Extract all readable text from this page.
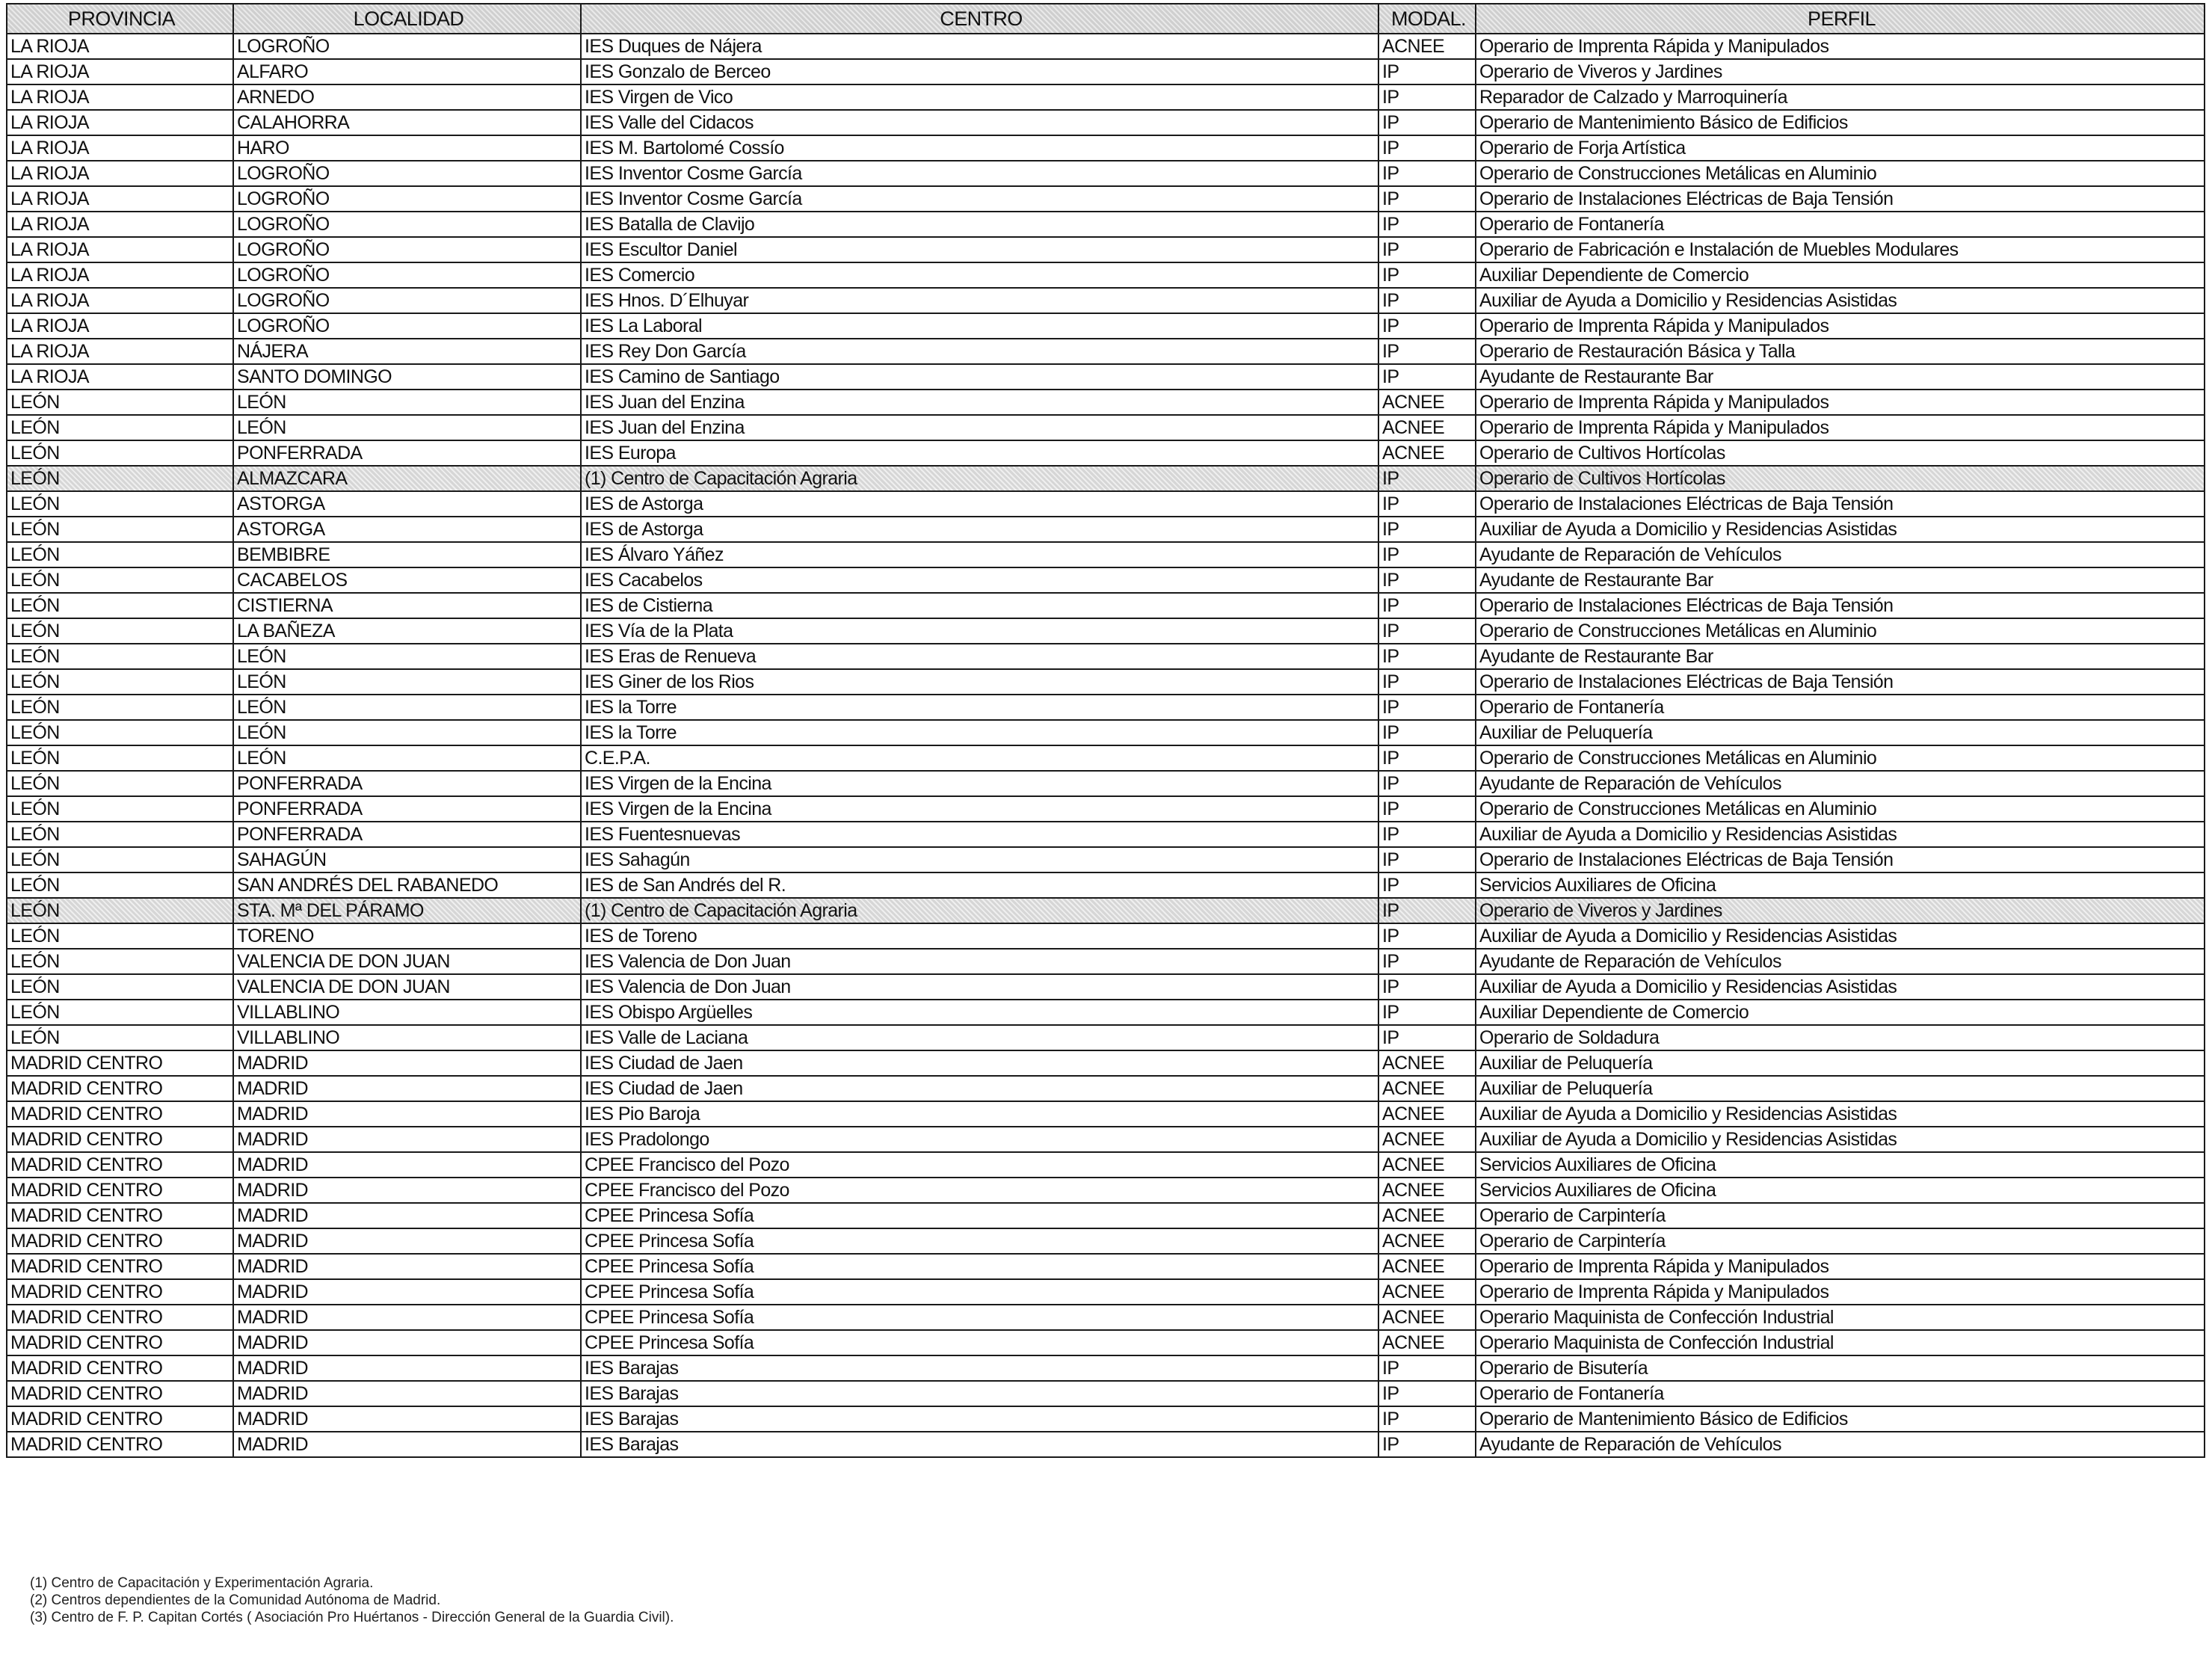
PROVINCIA	LOCALIDAD	CENTRO	MODAL.	PERFIL
LA RIOJA	LOGROÑO	IES Duques de Nájera	ACNEE	Operario de Imprenta Rápida y Manipulados
LA RIOJA	ALFARO	IES Gonzalo de Berceo	IP	Operario de Viveros y Jardines
LA RIOJA	ARNEDO	IES Virgen de Vico	IP	Reparador de Calzado y Marroquinería
LA RIOJA	CALAHORRA	IES Valle del Cidacos	IP	Operario de Mantenimiento Básico de Edificios
LA RIOJA	HARO	IES M. Bartolomé Cossío	IP	Operario de Forja Artística
LA RIOJA	LOGROÑO	IES Inventor Cosme García	IP	Operario de Construcciones Metálicas en Aluminio
LA RIOJA	LOGROÑO	IES Inventor Cosme García	IP	Operario de Instalaciones Eléctricas de Baja Tensión
LA RIOJA	LOGROÑO	IES Batalla de Clavijo	IP	Operario de Fontanería
LA RIOJA	LOGROÑO	IES Escultor Daniel	IP	Operario de Fabricación e Instalación de Muebles Modulares
LA RIOJA	LOGROÑO	IES Comercio	IP	Auxiliar Dependiente de Comercio
LA RIOJA	LOGROÑO	IES Hnos. D´Elhuyar	IP	Auxiliar de Ayuda a Domicilio y Residencias Asistidas
LA RIOJA	LOGROÑO	IES La Laboral	IP	Operario de Imprenta Rápida y Manipulados
LA RIOJA	NÁJERA	IES Rey Don García	IP	Operario de Restauración Básica y Talla
LA RIOJA	SANTO DOMINGO	IES Camino de Santiago	IP	Ayudante de Restaurante Bar
LEÓN	LEÓN	IES Juan del Enzina	ACNEE	Operario de Imprenta Rápida y Manipulados
LEÓN	LEÓN	IES Juan del Enzina	ACNEE	Operario de Imprenta Rápida y Manipulados
LEÓN	PONFERRADA	IES Europa	ACNEE	Operario de Cultivos Hortícolas
LEÓN	ALMAZCARA	(1) Centro de Capacitación Agraria	IP	Operario de Cultivos Hortícolas
LEÓN	ASTORGA	IES de Astorga	IP	Operario de Instalaciones Eléctricas de Baja Tensión
LEÓN	ASTORGA	IES de Astorga	IP	Auxiliar de Ayuda a Domicilio y Residencias Asistidas
LEÓN	BEMBIBRE	IES Álvaro Yáñez	IP	Ayudante de Reparación de Vehículos
LEÓN	CACABELOS	IES Cacabelos	IP	Ayudante de Restaurante Bar
LEÓN	CISTIERNA	IES de Cistierna	IP	Operario de Instalaciones Eléctricas de Baja Tensión
LEÓN	LA BAÑEZA	IES Vía de la Plata	IP	Operario de Construcciones Metálicas en Aluminio
LEÓN	LEÓN	IES Eras de Renueva	IP	Ayudante de Restaurante Bar
LEÓN	LEÓN	IES Giner de los Rios	IP	Operario de Instalaciones Eléctricas de Baja Tensión
LEÓN	LEÓN	IES la Torre	IP	Operario de Fontanería
LEÓN	LEÓN	IES la Torre	IP	Auxiliar de Peluquería
LEÓN	LEÓN	C.E.P.A.	IP	Operario de Construcciones Metálicas en Aluminio
LEÓN	PONFERRADA	IES Virgen de la Encina	IP	Ayudante de Reparación de Vehículos
LEÓN	PONFERRADA	IES Virgen de la Encina	IP	Operario de Construcciones Metálicas en Aluminio
LEÓN	PONFERRADA	IES Fuentesnuevas	IP	Auxiliar de Ayuda a Domicilio y Residencias Asistidas
LEÓN	SAHAGÚN	IES Sahagún	IP	Operario de Instalaciones Eléctricas de Baja Tensión
LEÓN	SAN ANDRÉS DEL RABANEDO	IES de San Andrés del R.	IP	Servicios Auxiliares de Oficina
LEÓN	STA. Mª DEL PÁRAMO	(1) Centro de Capacitación Agraria	IP	Operario de Viveros y Jardines
LEÓN	TORENO	IES de Toreno	IP	Auxiliar de Ayuda a Domicilio y Residencias Asistidas
LEÓN	VALENCIA DE DON JUAN	IES Valencia de Don Juan	IP	Ayudante de Reparación de Vehículos
LEÓN	VALENCIA DE DON JUAN	IES Valencia de Don Juan	IP	Auxiliar de Ayuda a Domicilio y Residencias Asistidas
LEÓN	VILLABLINO	IES Obispo Argüelles	IP	Auxiliar Dependiente de Comercio
LEÓN	VILLABLINO	IES Valle de Laciana	IP	Operario de Soldadura
MADRID CENTRO	MADRID	IES Ciudad de Jaen	ACNEE	Auxiliar de Peluquería
MADRID CENTRO	MADRID	IES Ciudad de Jaen	ACNEE	Auxiliar de Peluquería
MADRID CENTRO	MADRID	IES Pio Baroja	ACNEE	Auxiliar de Ayuda a Domicilio y Residencias Asistidas
MADRID CENTRO	MADRID	IES Pradolongo	ACNEE	Auxiliar de Ayuda a Domicilio y Residencias Asistidas
MADRID CENTRO	MADRID	CPEE Francisco del Pozo	ACNEE	Servicios Auxiliares de Oficina
MADRID CENTRO	MADRID	CPEE Francisco del Pozo	ACNEE	Servicios Auxiliares de Oficina
MADRID CENTRO	MADRID	CPEE Princesa Sofía	ACNEE	Operario de Carpintería
MADRID CENTRO	MADRID	CPEE Princesa Sofía	ACNEE	Operario de Carpintería
MADRID CENTRO	MADRID	CPEE Princesa Sofía	ACNEE	Operario de Imprenta Rápida y Manipulados
MADRID CENTRO	MADRID	CPEE Princesa Sofía	ACNEE	Operario de Imprenta Rápida y Manipulados
MADRID CENTRO	MADRID	CPEE Princesa Sofía	ACNEE	Operario Maquinista de Confección Industrial
MADRID CENTRO	MADRID	CPEE Princesa Sofía	ACNEE	Operario Maquinista de Confección Industrial
MADRID CENTRO	MADRID	IES Barajas	IP	Operario de Bisutería
MADRID CENTRO	MADRID	IES Barajas	IP	Operario de Fontanería
MADRID CENTRO	MADRID	IES Barajas	IP	Operario de Mantenimiento Básico de Edificios
MADRID CENTRO	MADRID	IES Barajas	IP	Ayudante de Reparación de Vehículos
(1) Centro de Capacitación y Experimentación Agraria.
(2) Centros dependientes de la Comunidad Autónoma de Madrid.
(3) Centro de F. P. Capitan Cortés ( Asociación Pro Huértanos - Dirección General de la Guardia Civil).
